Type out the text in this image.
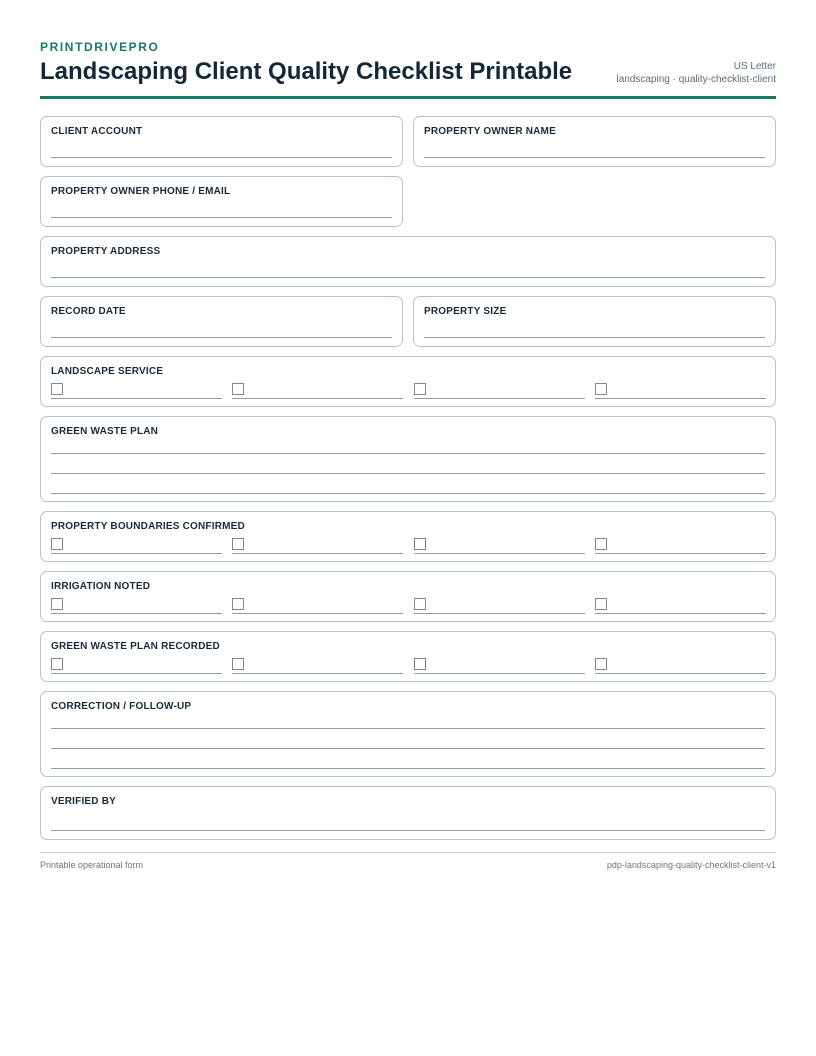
PRINTDRIVEPRO
Landscaping Client Quality Checklist Printable	US Letter
landscaping · quality-checklist-client
CLIENT ACCOUNT	PROPERTY OWNER NAME
PROPERTY OWNER PHONE / EMAIL
PROPERTY ADDRESS
RECORD DATE	PROPERTY SIZE
LANDSCAPE SERVICE
GREEN WASTE PLAN
PROPERTY BOUNDARIES CONFIRMED
IRRIGATION NOTED
GREEN WASTE PLAN RECORDED
CORRECTION / FOLLOW-UP
VERIFIED BY
Printable operational form	pdp-landscaping-quality-checklist-client-v1
